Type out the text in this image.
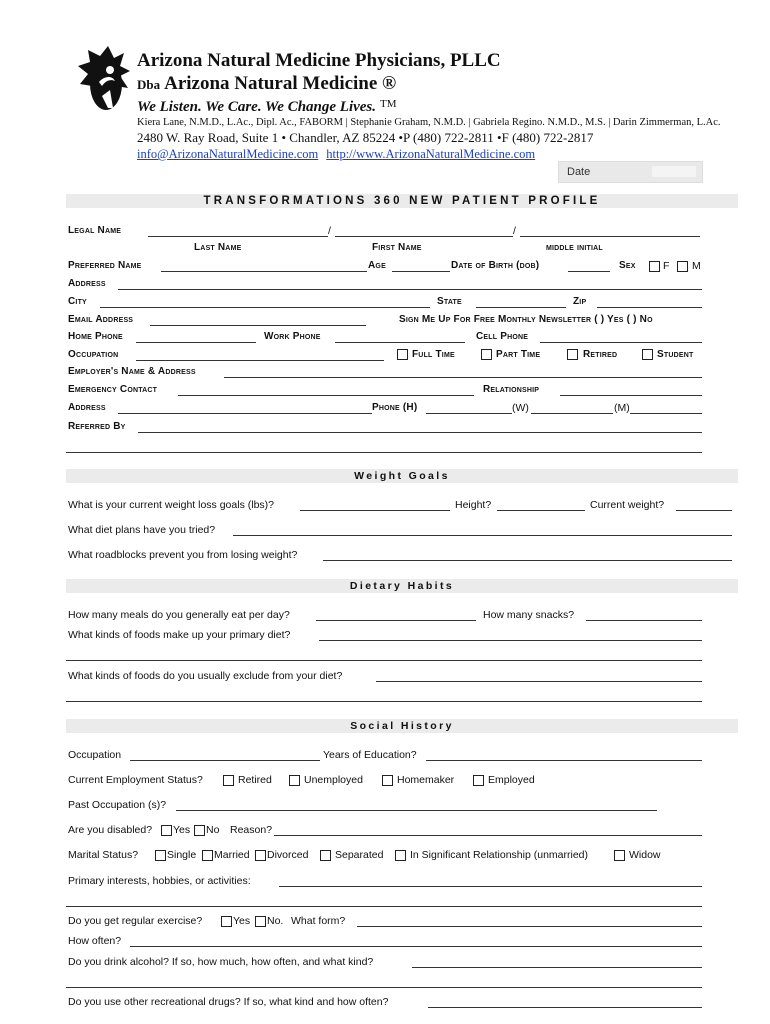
Arizona Natural Medicine Physicians, PLLC
Dba Arizona Natural Medicine ®
We Listen. We Care. We Change Lives. ™
Kiera Lane, N.M.D., L.Ac., Dipl. Ac., FABORM | Stephanie Graham, N.M.D. | Gabriela Regino. N.M.D., M.S. | Darin Zimmerman, L.Ac.
2480 W. Ray Road, Suite 1 • Chandler, AZ 85224 •P (480) 722-2811 •F (480) 722-2817
info@ArizonaNaturalMedicine.com http://www.ArizonaNaturalMedicine.com
Date
TRANSFORMATIONS 360 NEW PATIENT PROFILE
Legal Name	/	/
Last Name	First Name	middle initial
Preferred Name	Age	Date of Birth (dob)	Sex	F M
Address
City	State	Zip
Email Address	Sign Me Up For Free Monthly Newsletter ( ) Yes ( ) No
Home Phone	Work Phone	Cell Phone
Occupation	Full Time	Part Time	Retired	Student
Employer's Name & Address
Emergency Contact	Relationship
Address	Phone (H)	(W)	(M)
Referred By
Weight Goals
What is your current weight loss goals (lbs)?	Height?	Current weight?
What diet plans have you tried?
What roadblocks prevent you from losing weight?
Dietary Habits
How many meals do you generally eat per day?	How many snacks?
What kinds of foods make up your primary diet?
What kinds of foods do you usually exclude from your diet?
Social History
Occupation	Years of Education?
Current Employment Status?	Retired	Unemployed	Homemaker	Employed
Past Occupation (s)?
Are you disabled? Yes No Reason?
Marital Status?	Single Married Divorced	Separated	In Significant Relationship (unmarried)	Widow
Primary interests, hobbies, or activities:
Do you get regular exercise?	Yes No. What form?
How often?
Do you drink alcohol? If so, how much, how often, and what kind?
Do you use other recreational drugs? If so, what kind and how often?
